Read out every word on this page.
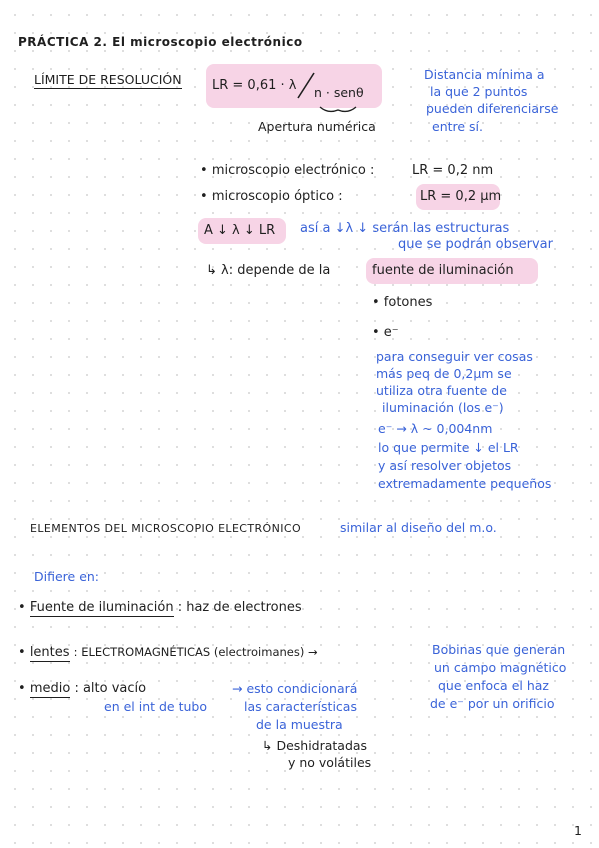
PRÁCTICA 2. El microscopio electrónico
LÍMITE DE RESOLUCIÓN LR = 0,61 · λ n · senθ
Apertura numérica
Distancia mínima a
la que 2 puntos
pueden diferenciarse
entre sí.
• microscopio electrónico :	LR = 0,2 nm
• microscopio óptico :	LR = 0,2 μm
A ↓ λ ↓ LR así a ↓λ ↓ serán las estructuras
que se podrán observar
↳ λ: depende de la	fuente de iluminación
• fotones
• e⁻
para conseguir ver cosas
más peq de 0,2μm se
utiliza otra fuente de
iluminación (los e⁻)
e⁻ → λ ~ 0,004nm
lo que permite ↓ el LR
y así resolver objetos
extremadamente pequeños
ELEMENTOS DEL MICROSCOPIO ELECTRÓNICO	similar al diseño del m.o.
Difiere en:
• Fuente de iluminación : haz de electrones
• lentes : ELECTROMAGNÉTICAS (electroimanes) →	Bobinas que generan
un campo magnético
que enfoca el haz
de e⁻ por un orificio
• medio : alto vacío
en el int de tubo
→ esto condicionará
las características
de la muestra
↳ Deshidratadas
y no volátiles
1
